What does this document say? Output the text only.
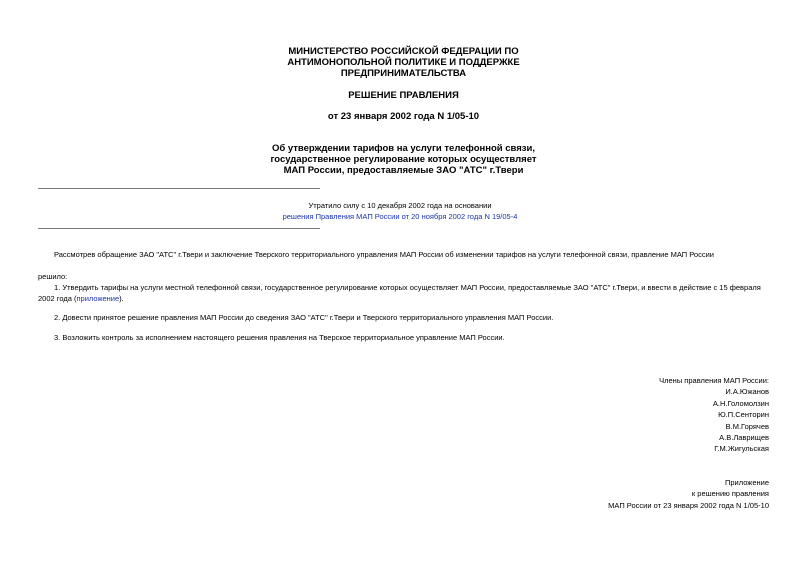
МИНИСТЕРСТВО РОССИЙСКОЙ ФЕДЕРАЦИИ ПО
АНТИМОНОПОЛЬНОЙ ПОЛИТИКЕ И ПОДДЕРЖКЕ
ПРЕДПРИНИМАТЕЛЬСТВА
РЕШЕНИЕ ПРАВЛЕНИЯ
от 23 января 2002 года N 1/05-10
Об утверждении тарифов на услуги телефонной связи,
государственное регулирование которых осуществляет
МАП России, предоставляемые ЗАО "АТС" г.Твери
Утратило силу с 10 декабря 2002 года на основании
решения Правления МАП России от 20 ноября 2002 года N 19/05-4
Рассмотрев обращение ЗАО "АТС" г.Твери и заключение Тверского территориального управления МАП России об изменении тарифов на услуги телефонной связи, правление МАП России
решило:
1. Утвердить тарифы на услуги местной телефонной связи, государственное регулирование которых осуществляет МАП России, предоставляемые ЗАО "АТС" г.Твери, и ввести в действие с 15 февраля 2002 года (приложение).
2. Довести принятое решение правления МАП России до сведения ЗАО "АТС" г.Твери и Тверского территориального управления МАП России.
3. Возложить контроль за исполнением настоящего решения правления на Тверское территориальное управление МАП России.
Члены правления МАП России:
И.А.Южанов
А.Н.Голомолзин
Ю.П.Сенторин
В.М.Горячев
А.В.Лаврищев
Г.М.Жигульская
Приложение
к решению правления
МАП России от 23 января 2002 года N 1/05-10
